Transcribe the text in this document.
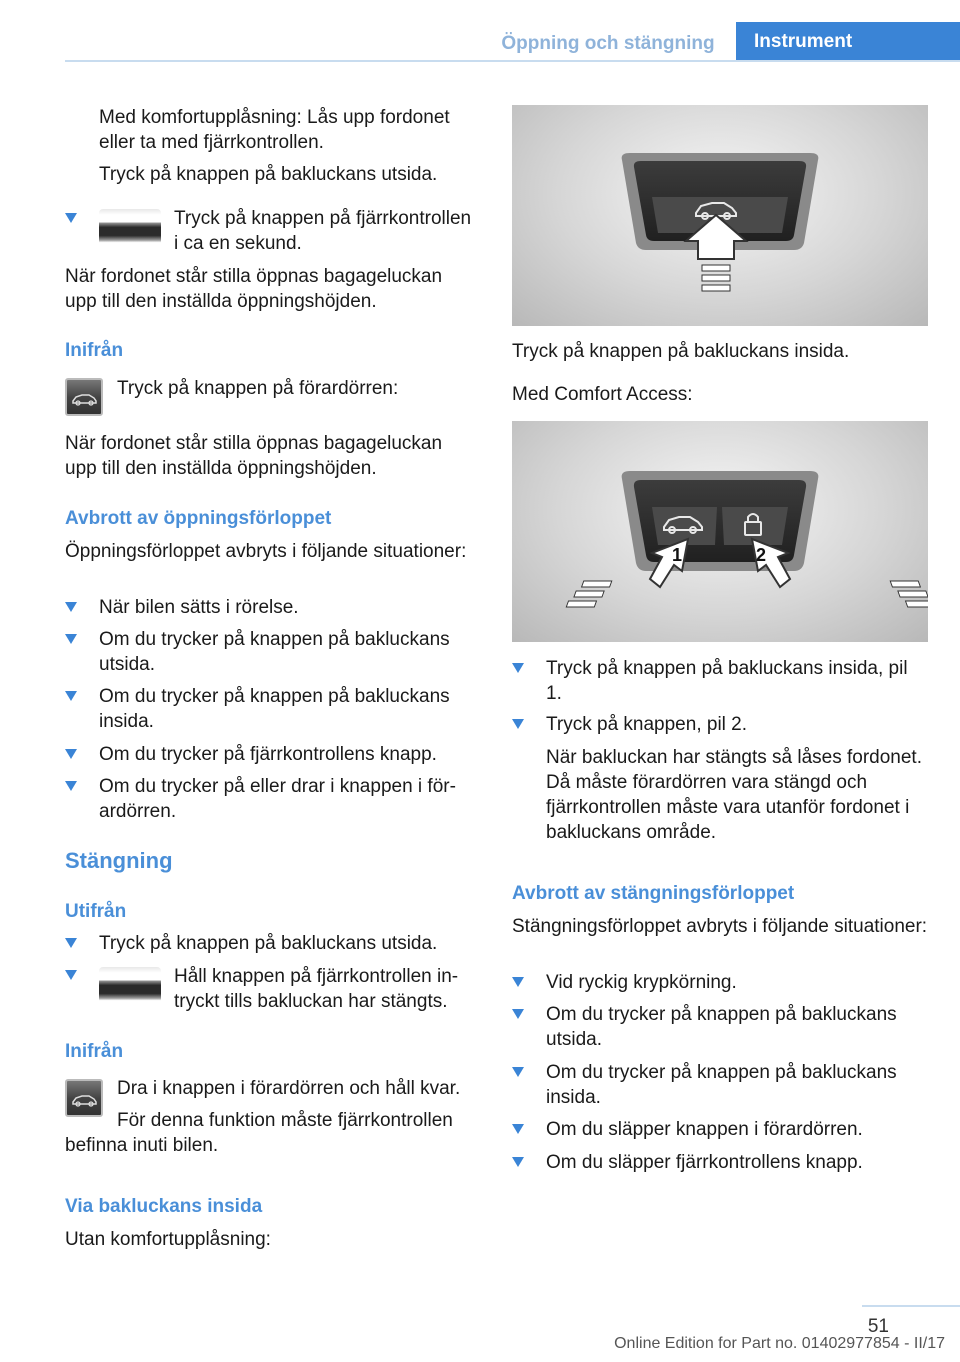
Öppning och stängning	Instrument
Med komfortupplåsning: Lås upp fordonet eller ta med fjärrkontrollen.
Tryck på knappen på bakluckans utsida.
Tryck på knappen på fjärrkontrollen i ca en sekund.
När fordonet står stilla öppnas bagageluckan upp till den inställda öppningshöjden.
Inifrån
Tryck på knappen på förardörren:
När fordonet står stilla öppnas bagageluckan upp till den inställda öppningshöjden.
Avbrott av öppningsförloppet
Öppningsförloppet avbryts i följande situationer:
När bilen sätts i rörelse.
Om du trycker på knappen på bakluckans utsida.
Om du trycker på knappen på bakluckans insida.
Om du trycker på fjärrkontrollens knapp.
Om du trycker på eller drar i knappen i förardörren.
Stängning
Utifrån
Tryck på knappen på bakluckans utsida.
Håll knappen på fjärrkontrollen intryckt tills bakluckan har stängts.
Inifrån
Dra i knappen i förardörren och håll kvar.
För denna funktion måste fjärrkontrollen befinna inuti bilen.
Via bakluckans insida
Utan komfortupplåsning:
Tryck på knappen på bakluckans insida.
Med Comfort Access:
1	2
Tryck på knappen på bakluckans insida, pil 1.
Tryck på knappen, pil 2.
När bakluckan har stängts så låses fordonet. Då måste förardörren vara stängd och fjärrkontrollen måste vara utanför fordonet i bakluckans område.
Avbrott av stängningsförloppet
Stängningsförloppet avbryts i följande situationer:
Vid ryckig krypkörning.
Om du trycker på knappen på bakluckans utsida.
Om du trycker på knappen på bakluckans insida.
Om du släpper knappen i förardörren.
Om du släpper fjärrkontrollens knapp.
51
Online Edition for Part no. 01402977854 - II/17
